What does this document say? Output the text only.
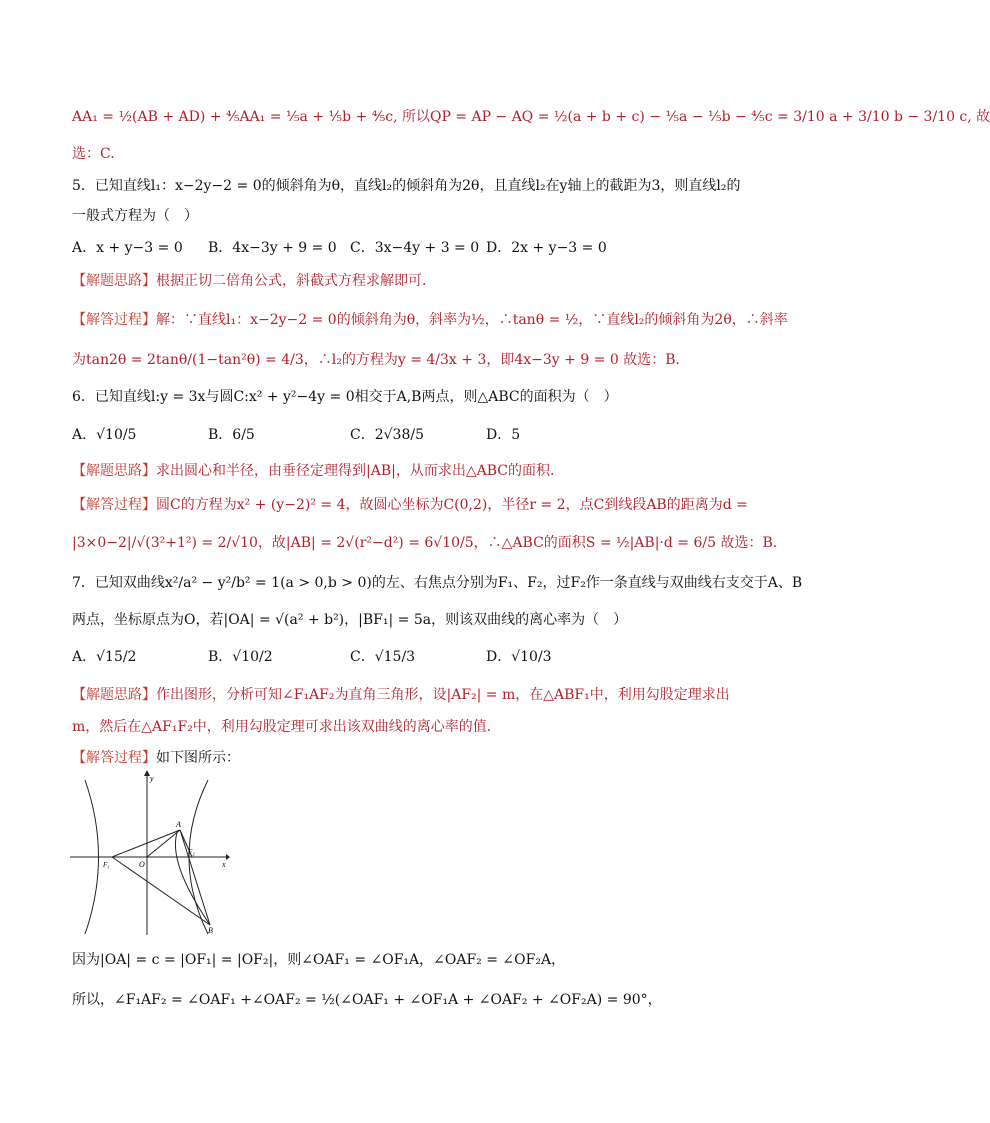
AA₁ = ½(AB + AD) + ⅘AA₁ = ⅕a + ⅕b + ⅘c, 所以QP = AP − AQ = ½(a + b + c) − ⅕a − ⅕b − ⅘c = 3/10 a + 3/10 b − 3/10 c, 故
选：C.
5．已知直线l₁：x−2y−2 = 0的倾斜角为θ，直线l₂的倾斜角为2θ，且直线l₂在y轴上的截距为3，则直线l₂的
一般式方程为（　）
A．x + y−3 = 0 B．4x−3y + 9 = 0 C．3x−4y + 3 = 0 D．2x + y−3 = 0
【解题思路】根据正切二倍角公式，斜截式方程求解即可.
【解答过程】解：∵直线l₁：x−2y−2 = 0的倾斜角为θ，斜率为½，∴tanθ = ½，∵直线l₂的倾斜角为2θ，∴斜率
为tan2θ = 2tanθ/(1−tan²θ) = 4/3，∴l₂的方程为y = 4/3x + 3，即4x−3y + 9 = 0 故选：B.
6．已知直线l:y = 3x与圆C:x² + y²−4y = 0相交于A,B两点，则△ABC的面积为（　）
A．√10/5	B．6/5	C．2√38/5	D．5
【解题思路】求出圆心和半径，由垂径定理得到|AB|，从而求出△ABC的面积.
【解答过程】圆C的方程为x² + (y−2)² = 4，故圆心坐标为C(0,2)，半径r = 2，点C到线段AB的距离为d =
|3×0−2|/√(3²+1²) = 2/√10，故|AB| = 2√(r²−d²) = 6√10/5，∴△ABC的面积S = ½|AB|·d = 6/5 故选：B.
7．已知双曲线x²/a² − y²/b² = 1(a > 0,b > 0)的左、右焦点分别为F₁、F₂，过F₂作一条直线与双曲线右支交于A、B
两点，坐标原点为O，若|OA| = √(a² + b²)，|BF₁| = 5a，则该双曲线的离心率为（　）
A．√15/2	B．√10/2	C．√15/3	D．√10/3
【解题思路】作出图形，分析可知∠F₁AF₂为直角三角形，设|AF₂| = m，在△ABF₁中，利用勾股定理求出
m，然后在△AF₁F₂中，利用勾股定理可求出该双曲线的离心率的值.
【解答过程】如下图所示：
y
x
O
F₁
F₂
A
B
因为|OA| = c = |OF₁| = |OF₂|，则∠OAF₁ = ∠OF₁A，∠OAF₂ = ∠OF₂A，
所以，∠F₁AF₂ = ∠OAF₁ +∠OAF₂ = ½(∠OAF₁ + ∠OF₁A + ∠OAF₂ + ∠OF₂A) = 90°，
